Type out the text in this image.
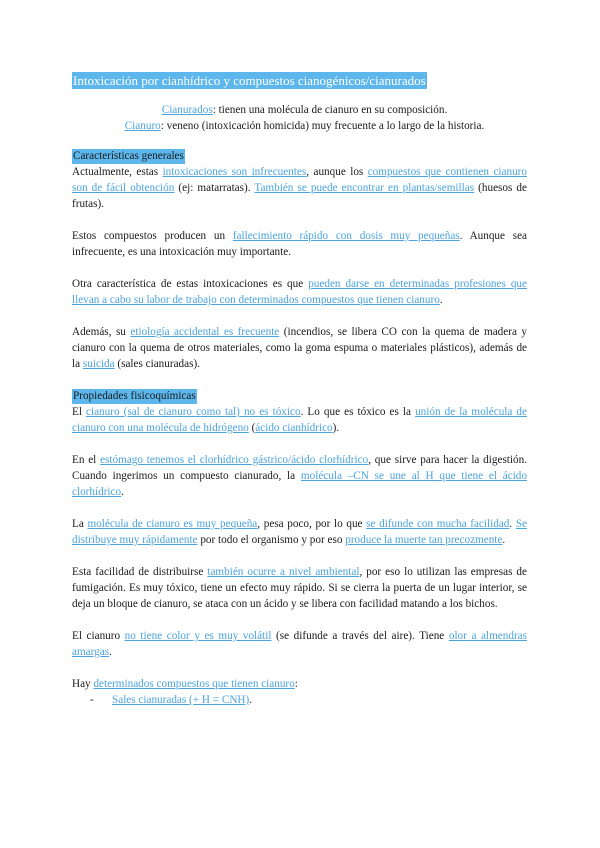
Intoxicación por cianhídrico y compuestos cianogénicos/cianurados

Cianurados: tienen una molécula de cianuro en su composición.

Cianuro: veneno (intoxicación homicida) muy frecuente a lo largo de la historia.

Características generales

Actualmente, estas intoxicaciones son infrecuentes, aunque los compuestos que contienen cianuro son de fácil obtención (ej: matarratas). También se puede encontrar en plantas/semillas (huesos de frutas).

Estos compuestos producen un fallecimiento rápido con dosis muy pequeñas. Aunque sea infrecuente, es una intoxicación muy importante.

Otra característica de estas intoxicaciones es que pueden darse en determinadas profesiones que llevan a cabo su labor de trabajo con determinados compuestos que tienen cianuro.

Además, su etiología accidental es frecuente (incendios, se libera CO con la quema de madera y cianuro con la quema de otros materiales, como la goma espuma o materiales plásticos), además de la suicida (sales cianuradas).

Propiedades fisicoquímicas

El cianuro (sal de cianuro como tal) no es tóxico. Lo que es tóxico es la unión de la molécula de cianuro con una molécula de hidrógeno (ácido cianhídrico).

En el estómago tenemos el clorhídrico gástrico/ácido clorhídrico, que sirve para hacer la digestión. Cuando ingerimos un compuesto cianurado, la molécula –CN se une al H que tiene el ácido clorhídrico.

La molécula de cianuro es muy pequeña, pesa poco, por lo que se difunde con mucha facilidad. Se distribuye muy rápidamente por todo el organismo y por eso produce la muerte tan precozmente.

Esta facilidad de distribuirse también ocurre a nivel ambiental, por eso lo utilizan las empresas de fumigación. Es muy tóxico, tiene un efecto muy rápido. Si se cierra la puerta de un lugar interior, se deja un bloque de cianuro, se ataca con un ácido y se libera con facilidad matando a los bichos.

El cianuro no tiene color y es muy volátil (se difunde a través del aire). Tiene olor a almendras amargas.

Hay determinados compuestos que tienen cianuro:

-	Sales cianuradas (+ H = CNH).
